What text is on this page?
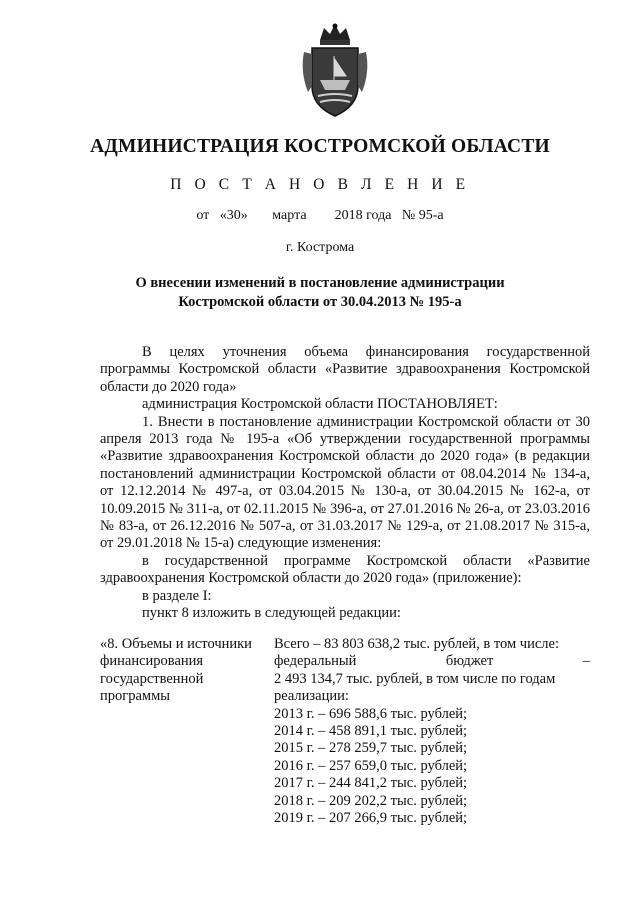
АДМИНИСТРАЦИЯ КОСТРОМСКОЙ ОБЛАСТИ
П О С Т А Н О В Л Е Н И Е
от «30» марта 2018 года № 95-а
г. Кострома
О внесении изменений в постановление администрации
Костромской области от 30.04.2013 № 195-а

В целях уточнения объема финансирования государственной программы Костромской области «Развитие здравоохранения Костромской области до 2020 года»

администрация Костромской области ПОСТАНОВЛЯЕТ:

1. Внести в постановление администрации Костромской области от 30 апреля 2013 года № 195-а «Об утверждении государственной программы «Развитие здравоохранения Костромской области до 2020 года» (в редакции постановлений администрации Костромской области от 08.04.2014 № 134-а, от 12.12.2014 № 497-а, от 03.04.2015 № 130-а, от 30.04.2015 № 162-а, от 10.09.2015 № 311-а, от 02.11.2015 № 396-а, от 27.01.2016 № 26-а, от 23.03.2016 № 83-а, от 26.12.2016 № 507-а, от 31.03.2017 № 129-а, от 21.08.2017 № 315-а, от 29.01.2018 № 15-а) следующие изменения:

в государственной программе Костромской области «Развитие здравоохранения Костромской области до 2020 года» (приложение):

в разделе I:

пункт 8 изложить в следующей редакции:

«8. Объемы и источники
финансирования
государственной
программы

Всего – 83 803 638,2 тыс. рублей, в том числе:

федеральный	бюджет	–

2 493 134,7 тыс. рублей, в том числе по годам

реализации:

2013 г. – 696 588,6 тыс. рублей;

2014 г. – 458 891,1 тыс. рублей;

2015 г. – 278 259,7 тыс. рублей;

2016 г. – 257 659,0 тыс. рублей;

2017 г. – 244 841,2 тыс. рублей;

2018 г. – 209 202,2 тыс. рублей;

2019 г. – 207 266,9 тыс. рублей;
